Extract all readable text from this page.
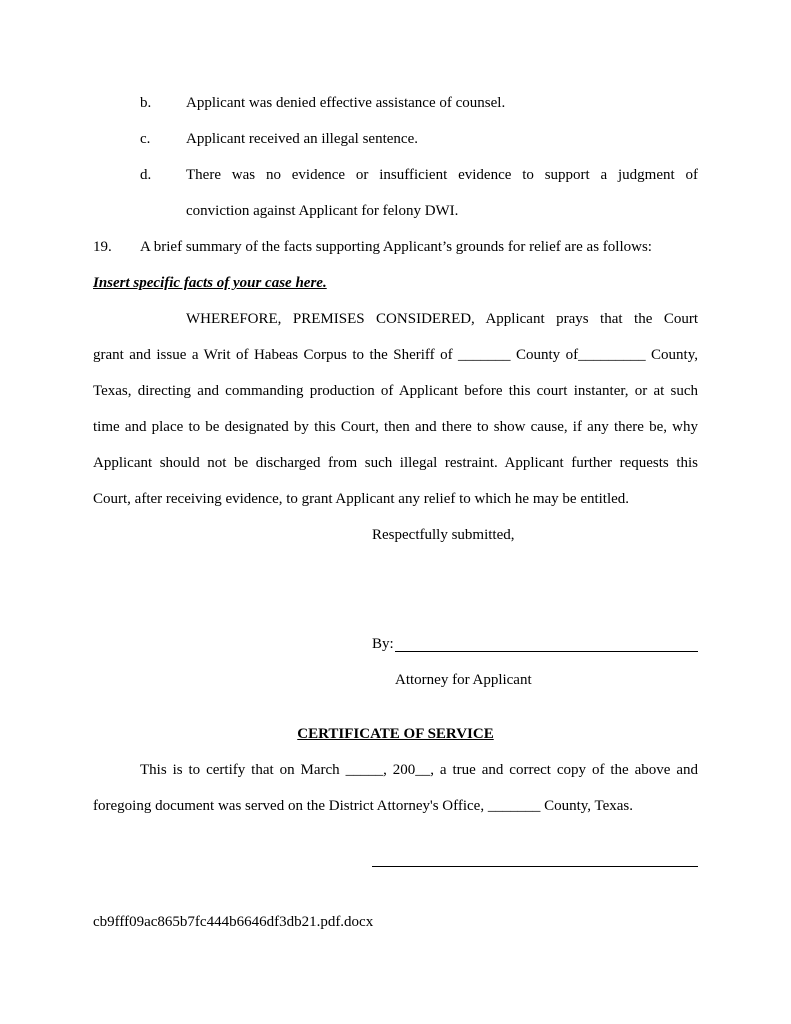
b. Applicant was denied effective assistance of counsel.
c. Applicant received an illegal sentence.
d. There was no evidence or insufficient evidence to support a judgment of
conviction against Applicant for felony DWI.
19. A brief summary of the facts supporting Applicant’s grounds for relief are as follows:
Insert specific facts of your case here.
WHEREFORE, PREMISES CONSIDERED, Applicant prays that the Court
grant and issue a Writ of Habeas Corpus to the Sheriff of _______ County of_________ County,
Texas, directing and commanding production of Applicant before this court instanter, or at such
time and place to be designated by this Court, then and there to show cause, if any there be, why
Applicant should not be discharged from such illegal restraint. Applicant further requests this
Court, after receiving evidence, to grant Applicant any relief to which he may be entitled.
Respectfully submitted,
By:
Attorney for Applicant
CERTIFICATE OF SERVICE
This is to certify that on March _____, 200__, a true and correct copy of the above and
foregoing document was served on the District Attorney's Office, _______ County, Texas.
cb9fff09ac865b7fc444b6646df3db21.pdf.docx
